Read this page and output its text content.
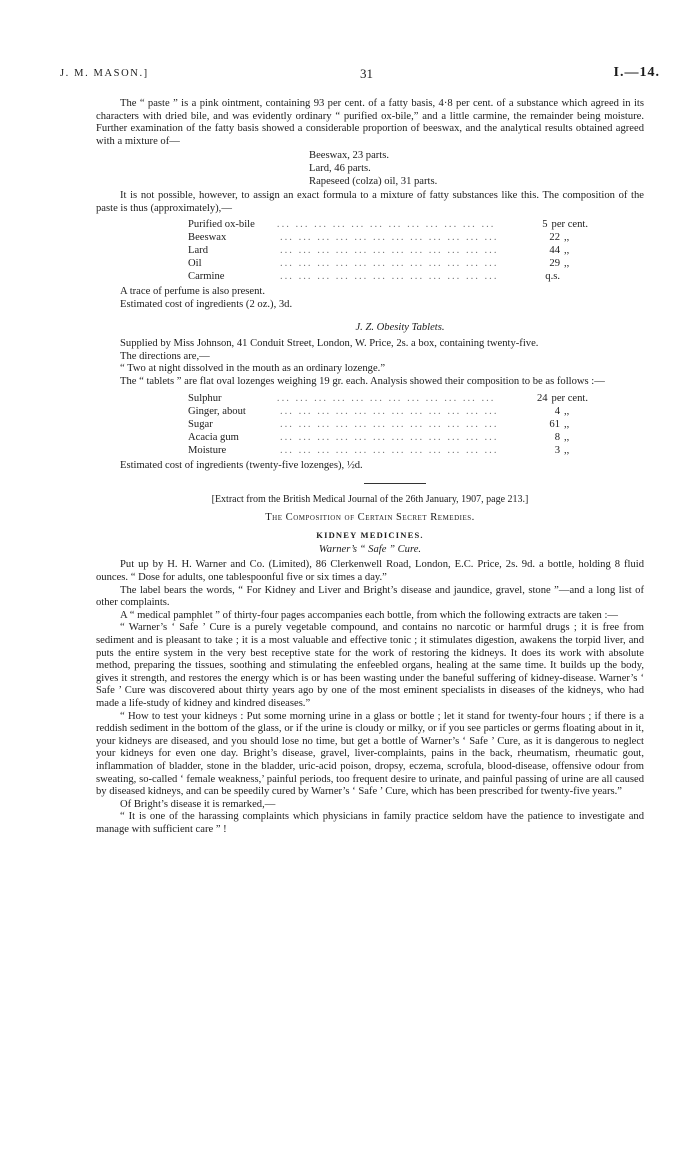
J. M. MASON.]	31	I.—14.

The “ paste ” is a pink ointment, containing 93 per cent. of a fatty basis, 4·8 per cent. of a substance which agreed in its characters with dried bile, and was evidently ordinary “ purified ox-bile,” and a little carmine, the remainder being moisture. Further examination of the fatty basis showed a considerable proportion of beeswax, and the analytical results obtained agreed with a mixture of—

Beeswax, 23 parts.
Lard, 46 parts.
Rapeseed (colza) oil, 31 parts.

It is not possible, however, to assign an exact formula to a mixture of fatty substances like this. The composition of the paste is thus (approximately),—

Purified ox-bile	... ... ... ... ... ... ... ... ... ... ... ...	5 per cent.
Beeswax	... ... ... ... ... ... ... ... ... ... ... ...	22 ,,
Lard	... ... ... ... ... ... ... ... ... ... ... ...	44 ,,
Oil	... ... ... ... ... ... ... ... ... ... ... ...	29 ,,
Carmine	... ... ... ... ... ... ... ... ... ... ... ...	q.s.

A trace of perfume is also present.

Estimated cost of ingredients (2 oz.), 3d.

J. Z. Obesity Tablets.

Supplied by Miss Johnson, 41 Conduit Street, London, W. Price, 2s. a box, containing twenty-five.

The directions are,—

“ Two at night dissolved in the mouth as an ordinary lozenge.”

The “ tablets ” are flat oval lozenges weighing 19 gr. each. Analysis showed their composition to be as follows :—

Sulphur	... ... ... ... ... ... ... ... ... ... ... ...	24 per cent.
Ginger, about	... ... ... ... ... ... ... ... ... ... ... ...	4 ,,
Sugar	... ... ... ... ... ... ... ... ... ... ... ...	61 ,,
Acacia gum	... ... ... ... ... ... ... ... ... ... ... ...	8 ,,
Moisture	... ... ... ... ... ... ... ... ... ... ... ...	3 ,,

Estimated cost of ingredients (twenty-five lozenges), ½d.

[Extract from the British Medical Journal of the 26th January, 1907, page 213.]
The Composition of Certain Secret Remedies.
KIDNEY MEDICINES.
Warner’s “ Safe ” Cure.

Put up by H. H. Warner and Co. (Limited), 86 Clerkenwell Road, London, E.C. Price, 2s. 9d. a bottle, holding 8 fluid ounces. “ Dose for adults, one tablespoonful five or six times a day.”

The label bears the words, “ For Kidney and Liver and Bright’s disease and jaundice, gravel, stone ”—and a long list of other complaints.

A “ medical pamphlet ” of thirty-four pages accompanies each bottle, from which the following extracts are taken :—

“ Warner’s ‘ Safe ’ Cure is a purely vegetable compound, and contains no narcotic or harmful drugs ; it is free from sediment and is pleasant to take ; it is a most valuable and effective tonic ; it stimulates digestion, awakens the torpid liver, and puts the entire system in the very best receptive state for the work of restoring the kidneys. It does its work with absolute method, preparing the tissues, soothing and stimulating the enfeebled organs, healing at the same time. It builds up the body, gives it strength, and restores the energy which is or has been wasting under the baneful suffering of kidney-disease. Warner’s ‘ Safe ’ Cure was discovered about thirty years ago by one of the most eminent specialists in diseases of the kidneys, who had made a life-study of kidney and kindred diseases.”

“ How to test your kidneys : Put some morning urine in a glass or bottle ; let it stand for twenty-four hours ; if there is a reddish sediment in the bottom of the glass, or if the urine is cloudy or milky, or if you see particles or germs floating about in it, your kidneys are diseased, and you should lose no time, but get a bottle of Warner’s ‘ Safe ’ Cure, as it is dangerous to neglect your kidneys for even one day. Bright’s disease, gravel, liver-complaints, pains in the back, rheumatism, rheumatic gout, inflammation of bladder, stone in the bladder, uric-acid poison, dropsy, eczema, scrofula, blood-disease, offensive odour from sweating, so-called ‘ female weakness,’ painful periods, too frequent desire to urinate, and painful passing of urine are all caused by diseased kidneys, and can be speedily cured by Warner’s ‘ Safe ’ Cure, which has been prescribed for twenty-five years.”

Of Bright’s disease it is remarked,—

“ It is one of the harassing complaints which physicians in family practice seldom have the patience to investigate and manage with sufficient care ” !
